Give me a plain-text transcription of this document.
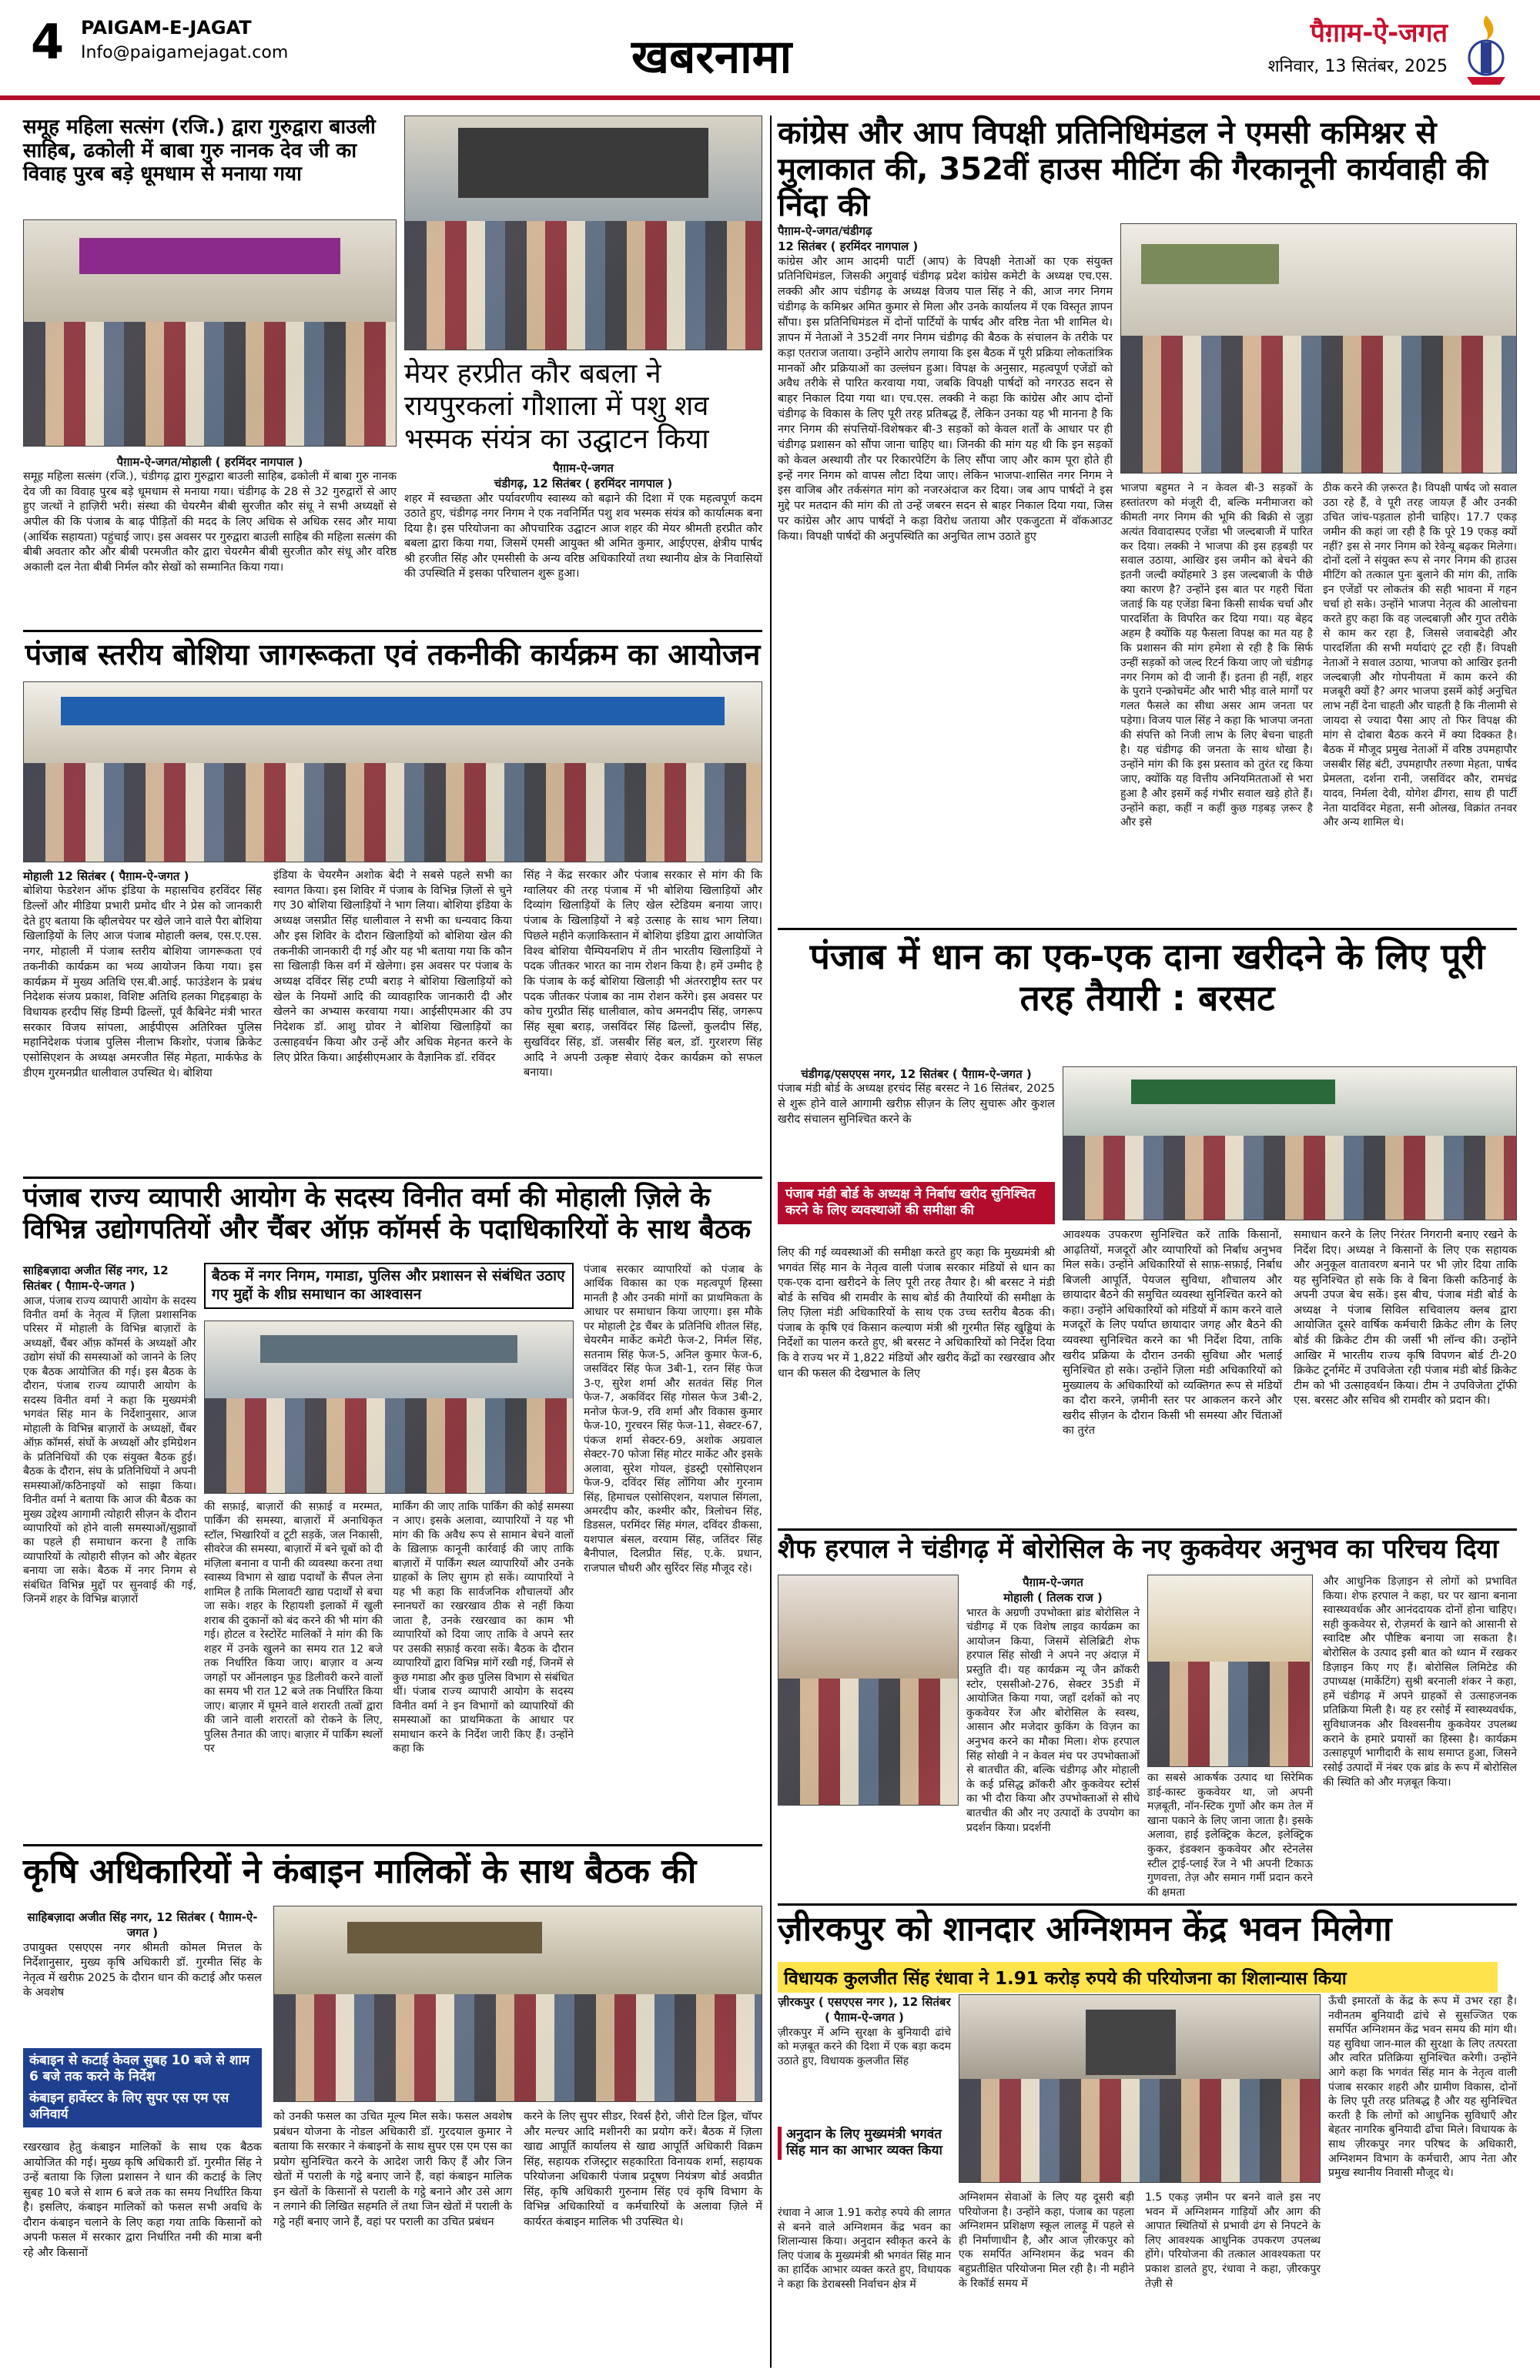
4 PAIGAM-E-JAGAT
Info@paigamejagat.com	खबरनामा	पैग़ाम-ऐ-जगत
शनिवार, 13 सितंबर, 2025
समूह महिला सत्संग (रजि.) द्वारा गुरुद्वारा बाउली साहिब, ढकोली में बाबा गुरु नानक देव जी का विवाह पुरब बड़े धूमधाम से मनाया गया
पैग़ाम-ऐ-जगत/मोहाली ( हरमिंदर नागपाल )
समूह महिला सत्संग (रजि.), चंडीगढ़ द्वारा गुरुद्वारा बाउली साहिब, ढकोली में बाबा गुरु नानक देव जी का विवाह पुरब बड़े धूमधाम से मनाया गया। चंडीगढ़ के 28 से 32 गुरुद्वारों से आए हुए जत्थों ने हाज़िरी भरी। संस्था की चेयरमैन बीबी सुरजीत कौर संधू ने सभी अध्यक्षों से अपील की कि पंजाब के बाढ़ पीड़ितों की मदद के लिए अधिक से अधिक रसद और माया (आर्थिक सहायता) पहुंचाई जाए। इस अवसर पर गुरुद्वारा बाउली साहिब की महिला सत्संग की बीबी अवतार कौर और बीबी परमजीत कौर द्वारा चेयरमैन बीबी सुरजीत कौर संधू और वरिष्ठ अकाली दल नेता बीबी निर्मल कौर सेखों को सम्मानित किया गया।
मेयर हरप्रीत कौर बबला ने रायपुरकलां गौशाला में पशु शव भस्मक संयंत्र का उद्घाटन किया
पैग़ाम-ऐ-जगत
चंडीगढ़, 12 सितंबर ( हरमिंदर नागपाल )
शहर में स्वच्छता और पर्यावरणीय स्वास्थ्य को बढ़ाने की दिशा में एक महत्वपूर्ण कदम उठाते हुए, चंडीगढ़ नगर निगम ने एक नवनिर्मित पशु शव भस्मक संयंत्र को कार्यात्मक बना दिया है। इस परियोजना का औपचारिक उद्घाटन आज शहर की मेयर श्रीमती हरप्रीत कौर बबला द्वारा किया गया, जिसमें एमसी आयुक्त श्री अमित कुमार, आईएएस, क्षेत्रीय पार्षद श्री हरजीत सिंह और एमसीसी के अन्य वरिष्ठ अधिकारियों तथा स्थानीय क्षेत्र के निवासियों की उपस्थिति में इसका परिचालन शुरू हुआ।
पंजाब स्तरीय बोशिया जागरूकता एवं तकनीकी कार्यक्रम का आयोजन
मोहाली 12 सितंबर ( पैग़ाम-ऐ-जगत )
बोशिया फेडरेशन ऑफ इंडिया के महासचिव हरविंदर सिंह डिल्लों और मीडिया प्रभारी प्रमोद धीर ने प्रेस को जानकारी देते हुए बताया कि व्हीलचेयर पर खेले जाने वाले पैरा बोशिया खिलाड़ियों के लिए आज पंजाब मोहाली क्लब, एस.ए.एस. नगर, मोहाली में पंजाब स्तरीय बोशिया जागरूकता एवं तकनीकी कार्यक्रम का भव्य आयोजन किया गया। इस कार्यक्रम में मुख्य अतिथि एस.बी.आई. फाउंडेशन के प्रबंध निदेशक संजय प्रकाश, विशिष्ट अतिथि हलका गिद्दड़बाहा के विधायक हरदीप सिंह डिम्पी ढिल्लों, पूर्व कैबिनेट मंत्री भारत सरकार विजय सांपला, आईपीएस अतिरिक्त पुलिस महानिदेशक पंजाब पुलिस नीलाभ किशोर, पंजाब क्रिकेट एसोसिएशन के अध्यक्ष अमरजीत सिंह मेहता, मार्कफेड के डीएम गुरमनप्रीत धालीवाल उपस्थित थे। बोशिया
इंडिया के चेयरमैन अशोक बेदी ने सबसे पहले सभी का स्वागत किया। इस शिविर में पंजाब के विभिन्न ज़िलों से चुने गए 30 बोशिया खिलाड़ियों ने भाग लिया। बोशिया इंडिया के अध्यक्ष जसप्रीत सिंह धालीवाल ने सभी का धन्यवाद किया और इस शिविर के दौरान खिलाड़ियों को बोशिया खेल की तकनीकी जानकारी दी गई और यह भी बताया गया कि कौन सा खिलाड़ी किस वर्ग में खेलेगा। इस अवसर पर पंजाब के अध्यक्ष दविंदर सिंह टप्पी बराड़ ने बोशिया खिलाड़ियों को खेल के नियमों आदि की व्यावहारिक जानकारी दी और खेलने का अभ्यास करवाया गया। आईसीएमआर की उप निदेशक डॉ. आशु ग्रोवर ने बोशिया खिलाड़ियों का उत्साहवर्धन किया और उन्हें और अधिक मेहनत करने के लिए प्रेरित किया। आईसीएमआर के वैज्ञानिक डॉ. रविंदर
सिंह ने केंद्र सरकार और पंजाब सरकार से मांग की कि ग्वालियर की तरह पंजाब में भी बोशिया खिलाड़ियों और दिव्यांग खिलाड़ियों के लिए खेल स्टेडियम बनाया जाए। पंजाब के खिलाड़ियों ने बड़े उत्साह के साथ भाग लिया। पिछले महीने कज़ाकिस्तान में बोशिया इंडिया द्वारा आयोजित विश्व बोशिया चैम्पियनशिप में तीन भारतीय खिलाड़ियों ने पदक जीतकर भारत का नाम रोशन किया है। हमें उम्मीद है कि पंजाब के कई बोशिया खिलाड़ी भी अंतरराष्ट्रीय स्तर पर पदक जीतकर पंजाब का नाम रोशन करेंगे। इस अवसर पर कोच गुरप्रीत सिंह धालीवाल, कोच अमनदीप सिंह, जगरूप सिंह सूबा बराड़, जसविंदर सिंह ढिल्लों, कुलदीप सिंह, सुखविंदर सिंह, डॉ. जसबीर सिंह बल, डॉ. गुरशरण सिंह आदि ने अपनी उत्कृष्ट सेवाएं देकर कार्यक्रम को सफल बनाया।
पंजाब राज्य व्यापारी आयोग के सदस्य विनीत वर्मा की मोहाली ज़िले के विभिन्न उद्योगपतियों और चैंबर ऑफ़ कॉमर्स के पदाधिकारियों के साथ बैठक
साहिबज़ादा अजीत सिंह नगर, 12 सितंबर ( पैग़ाम-ऐ-जगत )
आज, पंजाब राज्य व्यापारी आयोग के सदस्य विनीत वर्मा के नेतृत्व में ज़िला प्रशासनिक परिसर में मोहाली के विभिन्न बाज़ारों के अध्यक्षों, चैंबर ऑफ़ कॉमर्स के अध्यक्षों और उद्योग संघों की समस्याओं को जानने के लिए एक बैठक आयोजित की गई। इस बैठक के दौरान, पंजाब राज्य व्यापारी आयोग के सदस्य विनीत वर्मा ने कहा कि मुख्यमंत्री भगवंत सिंह मान के निर्देशानुसार, आज मोहाली के विभिन्न बाज़ारों के अध्यक्षों, चैंबर ऑफ़ कॉमर्स, संघों के अध्यक्षों और इमिग्रेशन के प्रतिनिधियों की एक संयुक्त बैठक हुई। बैठक के दौरान, संघ के प्रतिनिधियों ने अपनी समस्याओं/कठिनाइयों को साझा किया। विनीत वर्मा ने बताया कि आज की बैठक का मुख्य उद्देश्य आगामी त्योहारी सीज़न के दौरान व्यापारियों को होने वाली समस्याओं/सुझावों का पहले ही समाधान करना है ताकि व्यापारियों के त्योहारी सीज़न को और बेहतर बनाया जा सके। बैठक में नगर निगम से संबंधित विभिन्न मुद्दों पर सुनवाई की गई, जिनमें शहर के विभिन्न बाज़ारों
बैठक में नगर निगम, गमाडा, पुलिस और प्रशासन से संबंधित उठाए गए मुद्दों के शीघ्र समाधान का आश्वासन
की सफ़ाई, बाज़ारों की सफ़ाई व मरम्मत, पार्किंग की समस्या, बाज़ारों में अनाधिकृत स्टॉल, भिखारियों व टूटी सड़कें, जल निकासी, सीवरेज की समस्या, बाज़ारों में बने चूबों को दी मंज़िला बनाना व पानी की व्यवस्था करना तथा स्वास्थ्य विभाग से खाद्य पदार्थों के सैंपल लेना शामिल है ताकि मिलावटी खाद्य पदार्थों से बचा जा सके। शहर के रिहायशी इलाकों में खुली शराब की दुकानों को बंद करने की भी मांग की गई। होटल व रेस्टोरेंट मालिकों ने मांग की कि शहर में उनके खुलने का समय रात 12 बजे तक निर्धारित किया जाए। बाज़ार व अन्य जगहों पर ऑनलाइन फूड डिलीवरी करने वालों का समय भी रात 12 बजे तक निर्धारित किया जाए। बाज़ार में घूमने वाले शरारती तत्वों द्वारा की जाने वाली शरारतों को रोकने के लिए, पुलिस तैनात की जाए। बाज़ार में पार्किंग स्थलों पर
मार्किंग की जाए ताकि पार्किंग की कोई समस्या न आए। इसके अलावा, व्यापारियों ने यह भी मांग की कि अवैध रूप से सामान बेचने वालों के ख़िलाफ़ कानूनी कार्रवाई की जाए ताकि बाज़ारों में पार्किंग स्थल व्यापारियों और उनके ग्राहकों के लिए सुगम हो सकें। व्यापारियों ने यह भी कहा कि सार्वजनिक शौचालयों और स्नानघरों का रखरखाव ठीक से नहीं किया जाता है, उनके रखरखाव का काम भी व्यापारियों को दिया जाए ताकि वे अपने स्तर पर उसकी सफ़ाई करवा सकें। बैठक के दौरान व्यापारियों द्वारा विभिन्न मांगें रखी गई, जिनमें से कुछ गमाडा और कुछ पुलिस विभाग से संबंधित थीं। पंजाब राज्य व्यापारी आयोग के सदस्य विनीत वर्मा ने इन विभागों को व्यापारियों की समस्याओं का प्राथमिकता के आधार पर समाधान करने के निर्देश जारी किए हैं। उन्होंने कहा कि
पंजाब सरकार व्यापारियों को पंजाब के आर्थिक विकास का एक महत्वपूर्ण हिस्सा मानती है और उनकी मांगों का प्राथमिकता के आधार पर समाधान किया जाएगा। इस मौके पर मोहाली ट्रेड चैंबर के प्रतिनिधि शीतल सिंह, चेयरमैन मार्केट कमेटी फेज-2, निर्मल सिंह, सतनाम सिंह फेज-5, अनिल कुमार फेज-6, जसविंदर सिंह फेज 3बी-1, रतन सिंह फेज 3-ए, सुरेश शर्मा और सतवंत सिंह गिल फेज-7, अकविंदर सिंह गोसल फेज 3बी-2, मनोज फेज-9, रवि शर्मा और विकास कुमार फेज-10, गुरचरन सिंह फेज-11, सेक्टर-67, पंकज शर्मा सेक्टर-69, अशोक अग्रवाल सेक्टर-70 फोजा सिंह मोटर मार्केट और इसके अलावा, सुरेश गोयल, इंडस्ट्री एसोसिएशन फेज-9, दविंदर सिंह लोंगिया और गुरनाम सिंह, हिमाचल एसोसिएशन, यशपाल सिंगला, अमरदीप कौर, कश्मीर कौर, त्रिलोचन सिंह, डिडसल, परमिंदर सिंह मंगल, दविंदर डीकसा, यशपाल बंसल, वरयाम सिंह, जतिंदर सिंह बैनीपाल, दिलप्रीत सिंह, ए.के. प्रधान, राजपाल चौधरी और सुरिंदर सिंह मौजूद रहे।
कृषि अधिकारियों ने कंबाइन मालिकों के साथ बैठक की
साहिबज़ादा अजीत सिंह नगर, 12 सितंबर ( पैग़ाम-ऐ-जगत )
उपायुक्त एसएएस नगर श्रीमती कोमल मित्तल के निर्देशानुसार, मुख्य कृषि अधिकारी डॉ. गुरमीत सिंह के नेतृत्व में खरीफ़ 2025 के दौरान धान की कटाई और फसल के अवशेष
कंबाइन से कटाई केवल सुबह 10 बजे से शाम 6 बजे तक करने के निर्देश
कंबाइन हार्वेस्टर के लिए सुपर एस एम एस अनिवार्य
रखरखाव हेतु कंबाइन मालिकों के साथ एक बैठक आयोजित की गई। मुख्य कृषि अधिकारी डॉ. गुरमीत सिंह ने उन्हें बताया कि ज़िला प्रशासन ने धान की कटाई के लिए सुबह 10 बजे से शाम 6 बजे तक का समय निर्धारित किया है। इसलिए, कंबाइन मालिकों को फसल सभी अवधि के दौरान कंबाइन चलाने के लिए कहा गया ताकि किसानों को अपनी फसल में सरकार द्वारा निर्धारित नमी की मात्रा बनी रहे और किसानों
को उनकी फसल का उचित मूल्य मिल सके। फसल अवशेष प्रबंधन योजना के नोडल अधिकारी डॉ. गुरदयाल कुमार ने बताया कि सरकार ने कंबाइनों के साथ सुपर एस एम एस का प्रयोग सुनिश्चित करने के आदेश जारी किए हैं और जिन खेतों में पराली के गट्ठे बनाए जाने हैं, वहां कंबाइन मालिक इन खेतों के किसानों से पराली के गट्ठे बनाने और उसे आग न लगाने की लिखित सहमति लें तथा जिन खेतों में पराली के गट्ठे नहीं बनाए जाने हैं, वहां पर पराली का उचित प्रबंधन
करने के लिए सुपर सीडर, रिवर्स हैरो, जीरो टिल ड्रिल, चॉपर और मल्चर आदि मशीनरी का प्रयोग करें। बैठक में ज़िला खाद्य आपूर्ति कार्यालय से खाद्य आपूर्ति अधिकारी विक्रम सिंह, सहायक रजिस्ट्रार सहकारिता विनायक शर्मा, सहायक परियोजना अधिकारी पंजाब प्रदूषण नियंत्रण बोर्ड अवप्रीत सिंह, कृषि अधिकारी गुरुनाम सिंह एवं कृषि विभाग के विभिन्न अधिकारियों व कर्मचारियों के अलावा ज़िले में कार्यरत कंबाइन मालिक भी उपस्थित थे।
कांग्रेस और आप विपक्षी प्रतिनिधिमंडल ने एमसी कमिश्नर से मुलाकात की, 352वीं हाउस मीटिंग की गैरकानूनी कार्यवाही की निंदा की
पैग़ाम-ऐ-जगत/चंडीगढ़
12 सितंबर ( हरमिंदर नागपाल )
कांग्रेस और आम आदमी पार्टी (आप) के विपक्षी नेताओं का एक संयुक्त प्रतिनिधिमंडल, जिसकी अगुवाई चंडीगढ़ प्रदेश कांग्रेस कमेटी के अध्यक्ष एच.एस. लक्की और आप चंडीगढ़ के अध्यक्ष विजय पाल सिंह ने की, आज नगर निगम चंडीगढ़ के कमिश्नर अमित कुमार से मिला और उनके कार्यालय में एक विस्तृत ज्ञापन सौंपा। इस प्रतिनिधिमंडल में दोनों पार्टियों के पार्षद और वरिष्ठ नेता भी शामिल थे। ज्ञापन में नेताओं ने 352वीं नगर निगम चंडीगढ़ की बैठक के संचालन के तरीके पर कड़ा एतराज जताया। उन्होंने आरोप लगाया कि इस बैठक में पूरी प्रक्रिया लोकतांत्रिक मानकों और प्रक्रियाओं का उल्लंघन हुआ। विपक्ष के अनुसार, महत्वपूर्ण एजेंडों को अवैध तरीके से पारित करवाया गया, जबकि विपक्षी पार्षदों को नगरउठ सदन से बाहर निकाल दिया गया था। एच.एस. लक्की ने कहा कि कांग्रेस और आप दोनों चंडीगढ़ के विकास के लिए पूरी तरह प्रतिबद्ध हैं, लेकिन उनका यह भी मानना है कि नगर निगम की संपत्तियों-विशेषकर बी-3 सड़कों को केवल शर्तों के आधार पर ही चंडीगढ़ प्रशासन को सौंपा जाना चाहिए था। जिनकी की मांग यह थी कि इन सड़कों को केवल अस्थायी तौर पर रिकारपेटिंग के लिए सौंपा जाए और काम पूरा होते ही इन्हें नगर निगम को वापस लौटा दिया जाए। लेकिन भाजपा-शासित नगर निगम ने इस वाजिब और तर्कसंगत मांग को नजरअंदाज कर दिया। जब आप पार्षदों ने इस मुद्दे पर मतदान की मांग की तो उन्हें जबरन सदन से बाहर निकाल दिया गया, जिस पर कांग्रेस और आप पार्षदों ने कड़ा विरोध जताया और एकजुटता में वॉकआउट किया। विपक्षी पार्षदों की अनुपस्थिति का अनुचित लाभ उठाते हुए
भाजपा बहुमत ने न केवल बी-3 सड़कों के हस्तांतरण को मंजूरी दी, बल्कि मनीमाजरा को कीमती नगर निगम की भूमि की बिक्री से जुड़ा अत्यंत विवादास्पद एजेंडा भी जल्दबाजी में पारित कर दिया। लक्की ने भाजपा की इस हड़बड़ी पर सवाल उठाया, आखिर इस जमीन को बेचने की इतनी जल्दी क्योंहमारे 3 इस जल्दबाजी के पीछे क्या कारण है? उन्होंने इस बात पर गहरी चिंता जताई कि यह एजेंडा बिना किसी सार्थक चर्चा और पारदर्शिता के विपरित कर दिया गया। यह बेहद अहम है क्योंकि यह फैसला विपक्ष का मत यह है कि प्रशासन की मांग हमेशा से रही है कि सिर्फ उन्हीं सड़कों को जल्द रिटर्न किया जाए जो चंडीगढ़ नगर निगम को दी जानी हैं। इतना ही नहीं, शहर के पुराने एन्क्रोचमेंट और भारी भीड़ वाले मार्गों पर गलत फैसले का सीधा असर आम जनता पर पड़ेगा। विजय पाल सिंह ने कहा कि भाजपा जनता की संपत्ति को निजी लाभ के लिए बेचना चाहती है। यह चंडीगढ़ की जनता के साथ धोखा है। उन्होंने मांग की कि इस प्रस्ताव को तुरंत रद्द किया जाए, क्योंकि यह वित्तीय अनियमितताओं से भरा हुआ है और इसमें कई गंभीर सवाल खड़े होते हैं। उन्होंने कहा, कहीं न कहीं कुछ गड़बड़ ज़रूर है और इसे
ठीक करने की ज़रूरत है। विपक्षी पार्षद जो सवाल उठा रहे हैं, वे पूरी तरह जायज़ हैं और उनकी उचित जांच-पड़ताल होनी चाहिए। 17.7 एकड़ जमीन की कहां जा रही है कि पूरे 19 एकड़ क्यों नहीं? इस से नगर निगम को रेवेन्यू बढ़कर मिलेगा। दोनों दलों ने संयुक्त रूप से नगर निगम की हाउस मीटिंग को तत्काल पुनः बुलाने की मांग की, ताकि इन एजेंडों पर लोकतंत्र की सही भावना में गहन चर्चा हो सके। उन्होंने भाजपा नेतृत्व की आलोचना करते हुए कहा कि वह जल्दबाज़ी और गुप्त तरीके से काम कर रहा है, जिससे जवाबदेही और पारदर्शिता की सभी मर्यादाएं टूट रही हैं। विपक्षी नेताओं ने सवाल उठाया, भाजपा को आखिर इतनी जल्दबाज़ी और गोपनीयता में काम करने की मजबूरी क्यों है? अगर भाजपा इसमें कोई अनुचित लाभ नहीं देना चाहती और चाहती है कि नीलामी से जायदा से ज्यादा पैसा आए तो फिर विपक्ष की मांग से दोबारा बैठक करने में क्या दिक्कत है। बैठक में मौजूद प्रमुख नेताओं में वरिष्ठ उपमहापौर जसबीर सिंह बंटी, उपमहापौर तरुणा मेहता, पार्षद प्रेमलता, दर्शना रानी, जसविंदर कौर, रामचंद्र यादव, निर्मला देवी, योगेश ढींगरा, साथ ही पार्टी नेता यादविंदर मेहता, सनी ओलख, विक्रांत तनवर और अन्य शामिल थे।
पंजाब में धान का एक-एक दाना खरीदने के लिए पूरी तरह तैयारी : बरसट
चंडीगढ़/एसएएस नगर, 12 सितंबर ( पैग़ाम-ऐ-जगत )
पंजाब मंडी बोर्ड के अध्यक्ष हरचंद सिंह बरसट ने 16 सितंबर, 2025 से शुरू होने वाले आगामी खरीफ़ सीज़न के लिए सुचारू और कुशल खरीद संचालन सुनिश्चित करने के
पंजाब मंडी बोर्ड के अध्यक्ष ने निर्बाध खरीद सुनिश्चित करने के लिए व्यवस्थाओं की समीक्षा की
लिए की गई व्यवस्थाओं की समीक्षा करते हुए कहा कि मुख्यमंत्री श्री भगवंत सिंह मान के नेतृत्व वाली पंजाब सरकार मंडियों से धान का एक-एक दाना खरीदने के लिए पूरी तरह तैयार है। श्री बरसट ने मंडी बोर्ड के सचिव श्री रामवीर के साथ बोर्ड की तैयारियों की समीक्षा के लिए ज़िला मंडी अधिकारियों के साथ एक उच्च स्तरीय बैठक की। पंजाब के कृषि एवं किसान कल्याण मंत्री श्री गुरमीत सिंह खुड्डियां के निर्देशों का पालन करते हुए, श्री बरसट ने अधिकारियों को निर्देश दिया कि वे राज्य भर में 1,822 मंडियों और खरीद केंद्रों का रखरखाव और धान की फसल की देखभाल के लिए
आवश्यक उपकरण सुनिश्चित करें ताकि किसानों, आढ़तियों, मजदूरों और व्यापारियों को निर्बाध अनुभव मिल सके। उन्होंने अधिकारियों से साफ़-सफ़ाई, निर्बाध बिजली आपूर्ति, पेयजल सुविधा, शौचालय और छायादार बैठने की समुचित व्यवस्था सुनिश्चित करने को कहा। उन्होंने अधिकारियों को मंडियों में काम करने वाले मजदूरों के लिए पर्याप्त छायादार जगह और बैठने की व्यवस्था सुनिश्चित करने का भी निर्देश दिया, ताकि खरीद प्रक्रिया के दौरान उनकी सुविधा और भलाई सुनिश्चित हो सके। उन्होंने ज़िला मंडी अधिकारियों को मुख्यालय के अधिकारियों को व्यक्तिगत रूप से मंडियों का दौरा करने, ज़मीनी स्तर पर आकलन करने और खरीद सीज़न के दौरान किसी भी समस्या और चिंताओं का तुरंत
समाधान करने के लिए निरंतर निगरानी बनाए रखने के निर्देश दिए। अध्यक्ष ने किसानों के लिए एक सहायक और अनुकूल वातावरण बनाने पर भी ज़ोर दिया ताकि यह सुनिश्चित हो सके कि वे बिना किसी कठिनाई के अपनी उपज बेच सकें। इस बीच, पंजाब मंडी बोर्ड के अध्यक्ष ने पंजाब सिविल सचिवालय क्लब द्वारा आयोजित दूसरे वार्षिक कर्मचारी क्रिकेट लीग के लिए बोर्ड की क्रिकेट टीम की जर्सी भी लॉन्च की। उन्होंने आखिर में भारतीय राज्य कृषि विपणन बोर्ड टी-20 क्रिकेट टूर्नामेंट में उपविजेता रही पंजाब मंडी बोर्ड क्रिकेट टीम को भी उत्साहवर्धन किया। टीम ने उपविजेता ट्रॉफी एस. बरसट और सचिव श्री रामवीर को प्रदान की।
शैफ हरपाल ने चंडीगढ़ में बोरोसिल के नए कुकवेयर अनुभव का परिचय दिया
पैग़ाम-ऐ-जगत
मोहाली ( तिलक राज )
भारत के अग्रणी उपभोक्ता ब्रांड बोरोसिल ने चंडीगढ़ में एक विशेष लाइव कार्यक्रम का आयोजन किया, जिसमें सेलिब्रिटी शेफ हरपाल सिंह सोखी ने अपने नए अंदाज़ में प्रस्तुति दी। यह कार्यक्रम न्यू जैन क्रॉकरी स्टोर, एससीओ-276, सेक्टर 35डी में आयोजित किया गया, जहाँ दर्शकों को नए कुकवेयर रेंज और बोरोसिल के स्वस्थ, आसान और मजेदार कुकिंग के विज़न का अनुभव करने का मौका मिला। शेफ हरपाल सिंह सोखी ने न केवल मंच पर उपभोक्ताओं से बातचीत की, बल्कि चंडीगढ़ और मोहाली के कई प्रसिद्ध क्रॉकरी और कुकवेयर स्टोर्स का भी दौरा किया और उपभोक्ताओं से सीधे बातचीत की और नए उत्पादों के उपयोग का प्रदर्शन किया। प्रदर्शनी
का सबसे आकर्षक उत्पाद था सिरेमिक डाई-कास्ट कुकवेयर था, जो अपनी मज़बूती, नॉन-स्टिक गुणों और कम तेल में खाना पकाने के लिए जाना जाता है। इसके अलावा, हाई इलेक्ट्रिक केटल, इलेक्ट्रिक कुकर, इंडक्शन कुकवेयर और स्टेनलेस स्टील ट्राई-प्लाई रेंज ने भी अपनी टिकाऊ गुणवत्ता, तेज़ और समान गर्मी प्रदान करने की क्षमता
और आधुनिक डिज़ाइन से लोगों को प्रभावित किया। शेफ हरपाल ने कहा, घर पर खाना बनाना स्वास्थ्यवर्धक और आनंददायक दोनों होना चाहिए। सही कुकवेयर से, रोज़मर्रा के खाने को आसानी से स्वादिष्ट और पौष्टिक बनाया जा सकता है। बोरोसिल के उत्पाद इसी बात को ध्यान में रखकर डिज़ाइन किए गए हैं। बोरोसिल लिमिटेड की उपाध्यक्ष (मार्केटिंग) सुश्री बरनाली शंकर ने कहा, हमें चंडीगढ़ में अपने ग्राहकों से उत्साहजनक प्रतिक्रिया मिली है। यह हर रसोई में स्वास्थ्यवर्धक, सुविधाजनक और विश्वसनीय कुकवेयर उपलब्ध कराने के हमारे प्रयासों का हिस्सा है। कार्यक्रम उत्साहपूर्ण भागीदारी के साथ समाप्त हुआ, जिसने रसोई उत्पादों में नंबर एक ब्रांड के रूप में बोरोसिल की स्थिति को और मज़बूत किया।
ज़ीरकपुर को शानदार अग्निशमन केंद्र भवन मिलेगा
विधायक कुलजीत सिंह रंधावा ने 1.91 करोड़ रुपये की परियोजना का शिलान्यास किया
ज़ीरकपुर ( एसएएस नगर ), 12 सितंबर ( पैग़ाम-ऐ-जगत )
ज़ीरकपुर में अग्नि सुरक्षा के बुनियादी ढांचे को मज़बूत करने की दिशा में एक बड़ा कदम उठाते हुए, विधायक कुलजीत सिंह
अनुदान के लिए मुख्यमंत्री भगवंत सिंह मान का आभार व्यक्त किया
रंधावा ने आज 1.91 करोड़ रुपये की लागत से बनने वाले अग्निशमन केंद्र भवन का शिलान्यास किया। अनुदान स्वीकृत करने के लिए पंजाब के मुख्यमंत्री श्री भगवंत सिंह मान का हार्दिक आभार व्यक्त करते हुए, विधायक ने कहा कि डेराबस्सी निर्वाचन क्षेत्र में
अग्निशमन सेवाओं के लिए यह दूसरी बड़ी परियोजना है। उन्होंने कहा, पंजाब का पहला अग्निशमन प्रशिक्षण स्कूल लालड़ू में पहले से ही निर्माणाधीन है, और आज ज़ीरकपुर को एक समर्पित अग्निशमन केंद्र भवन की बहुप्रतीक्षित परियोजना मिल रही है। नी महीने के रिकॉर्ड समय में
1.5 एकड़ ज़मीन पर बनने वाले इस नए भवन में अग्निशमन गाड़ियों और आग की आपात स्थितियों से प्रभावी ढंग से निपटने के लिए आवश्यक आधुनिक उपकरण उपलब्ध होंगे। परियोजना की तत्काल आवश्यकता पर प्रकाश डालते हुए, रंधावा ने कहा, ज़ीरकपुर तेज़ी से
ऊँची इमारतों के केंद्र के रूप में उभर रहा है। नवीनतम बुनियादी ढांचे से सुसज्जित एक समर्पित अग्निशमन केंद्र भवन समय की मांग थी। यह सुविधा जान-माल की सुरक्षा के लिए तत्परता और त्वरित प्रतिक्रिया सुनिश्चित करेगी। उन्होंने आगे कहा कि भगवंत सिंह मान के नेतृत्व वाली पंजाब सरकार शहरी और ग्रामीण विकास, दोनों के लिए पूरी तरह प्रतिबद्ध है और यह सुनिश्चित करती है कि लोगों को आधुनिक सुविधाएँ और बेहतर नागरिक बुनियादी ढाँचा मिले। विधायक के साथ ज़ीरकपुर नगर परिषद के अधिकारी, अग्निशमन विभाग के कर्मचारी, आप नेता और प्रमुख स्थानीय निवासी मौजूद थे।
